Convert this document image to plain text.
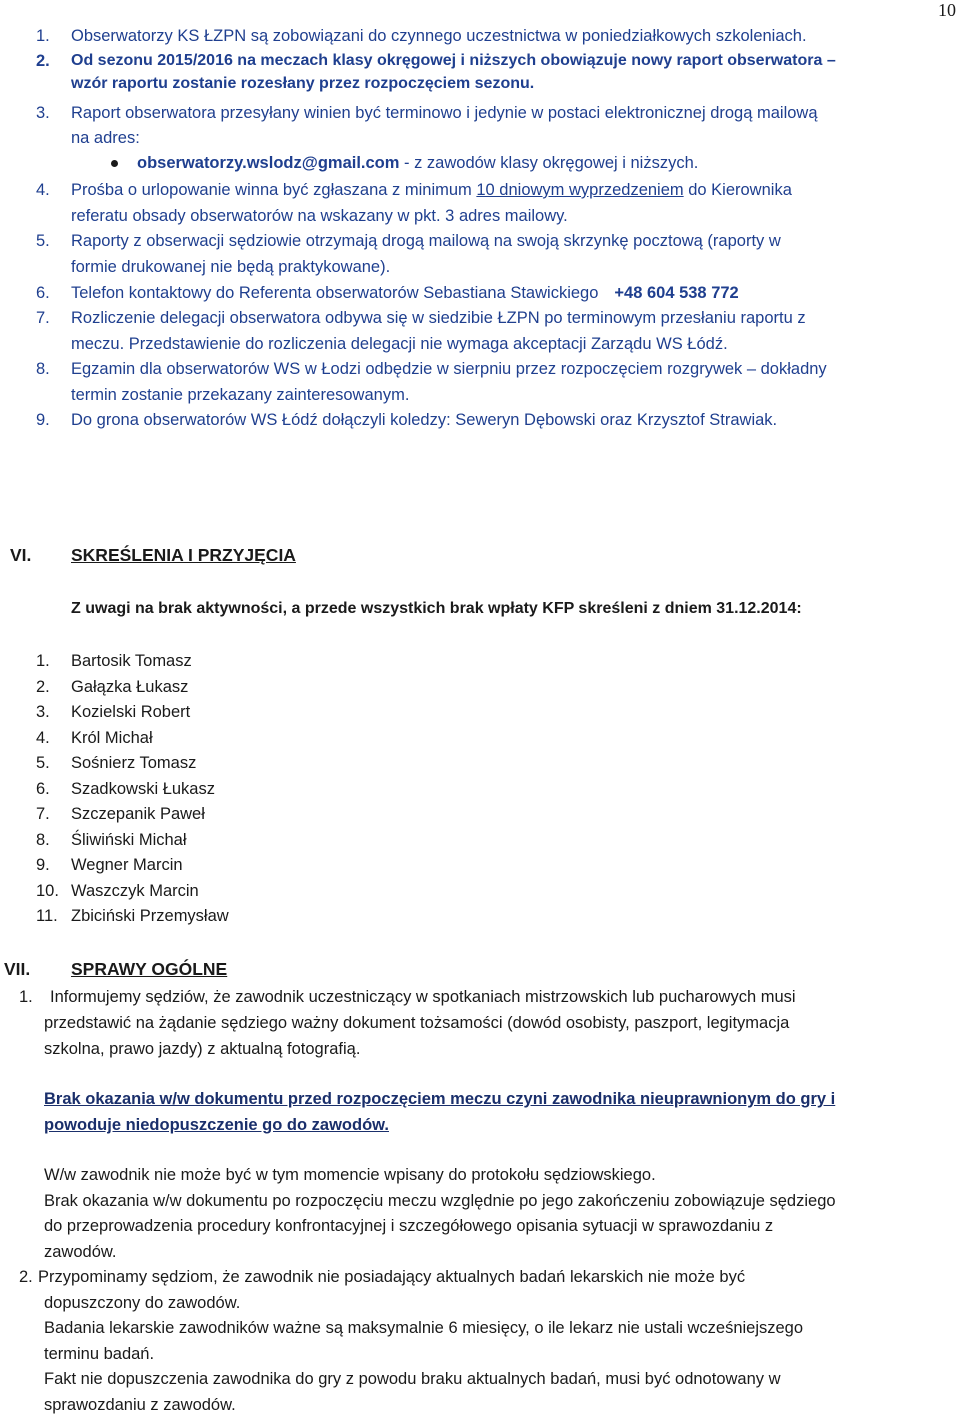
10
1. Obserwatorzy KS ŁZPN są zobowiązani do czynnego uczestnictwa w poniedziałkowych szkoleniach.
2. Od sezonu 2015/2016 na meczach klasy okręgowej i niższych obowiązuje nowy raport obserwatora –
wzór raportu zostanie rozesłany przez rozpoczęciem sezonu.
3. Raport obserwatora przesyłany winien być terminowo i jedynie w postaci elektronicznej drogą mailową
na adres:
obserwatorzy.wslodz@gmail.com - z zawodów klasy okręgowej i niższych.
4. Prośba o urlopowanie winna być zgłaszana z minimum 10 dniowym wyprzedzeniem do Kierownika
referatu obsady obserwatorów na wskazany w pkt. 3 adres mailowy.
5. Raporty z obserwacji sędziowie otrzymają drogą mailową na swoją skrzynkę pocztową (raporty w
formie drukowanej nie będą praktykowane).
6. Telefon kontaktowy do Referenta obserwatorów Sebastiana Stawickiego +48 604 538 772
7. Rozliczenie delegacji obserwatora odbywa się w siedzibie ŁZPN po terminowym przesłaniu raportu z
meczu. Przedstawienie do rozliczenia delegacji nie wymaga akceptacji Zarządu WS Łódź.
8. Egzamin dla obserwatorów WS w Łodzi odbędzie w sierpniu przez rozpoczęciem rozgrywek – dokładny
termin zostanie przekazany zainteresowanym.
9. Do grona obserwatorów WS Łódź dołączyli koledzy: Seweryn Dębowski oraz Krzysztof Strawiak.
VI. SKREŚLENIA I PRZYJĘCIA
Z uwagi na brak aktywności, a przede wszystkich brak wpłaty KFP skreśleni z dniem 31.12.2014:
1. Bartosik Tomasz
2. Gałązka Łukasz
3. Kozielski Robert
4. Król Michał
5. Sośnierz Tomasz
6. Szadkowski Łukasz
7. Szczepanik Paweł
8. Śliwiński Michał
9. Wegner Marcin
10. Waszczyk Marcin
11. Zbiciński Przemysław
VII. SPRAWY OGÓLNE
1. Informujemy sędziów, że zawodnik uczestniczący w spotkaniach mistrzowskich lub pucharowych musi
przedstawić na żądanie sędziego ważny dokument tożsamości (dowód osobisty, paszport, legitymacja
szkolna, prawo jazdy) z aktualną fotografią.
Brak okazania w/w dokumentu przed rozpoczęciem meczu czyni zawodnika nieuprawnionym do gry i
powoduje niedopuszczenie go do zawodów.
W/w zawodnik nie może być w tym momencie wpisany do protokołu sędziowskiego.
Brak okazania w/w dokumentu po rozpoczęciu meczu względnie po jego zakończeniu zobowiązuje sędziego
do przeprowadzenia procedury konfrontacyjnej i szczegółowego opisania sytuacji w sprawozdaniu z
zawodów.
2. Przypominamy sędziom, że zawodnik nie posiadający aktualnych badań lekarskich nie może być
dopuszczony do zawodów.
Badania lekarskie zawodników ważne są maksymalnie 6 miesięcy, o ile lekarz nie ustali wcześniejszego
terminu badań.
Fakt nie dopuszczenia zawodnika do gry z powodu braku aktualnych badań, musi być odnotowany w
sprawozdaniu z zawodów.
